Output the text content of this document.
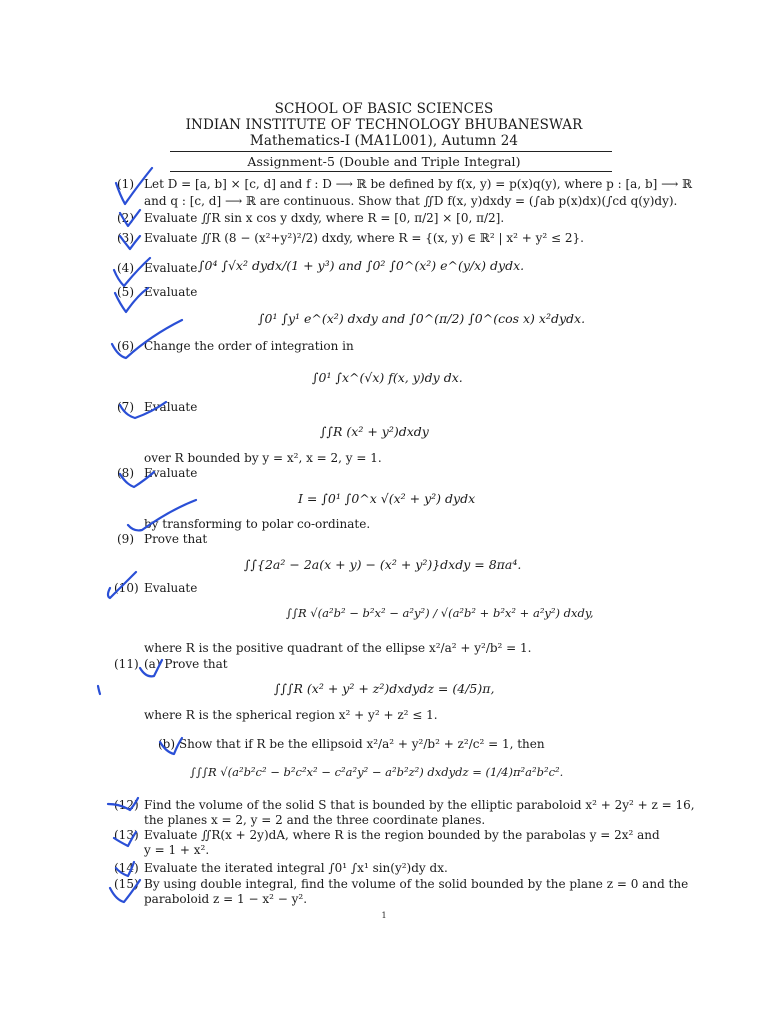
SCHOOL OF BASIC SCIENCES
INDIAN INSTITUTE OF TECHNOLOGY BHUBANESWAR
Mathematics-I (MA1L001), Autumn 24
Assignment-5 (Double and Triple Integral)
(1) Let D = [a, b] × [c, d] and f : D ⟶ ℝ be defined by f(x, y) = p(x)q(y), where p : [a, b] ⟶ ℝ
and q : [c, d] ⟶ ℝ are continuous. Show that ∬D f(x, y)dxdy = (∫ab p(x)dx)(∫cd q(y)dy).
(2) Evaluate ∬R sin x cos y dxdy, where R = [0, π/2] × [0, π/2].
(3) Evaluate ∬R (8 − (x²+y²)²/2) dxdy, where R = {(x, y) ∈ ℝ² | x² + y² ≤ 2}.
(4) Evaluate ∫0⁴ ∫√x² dydx/(1 + y³) and ∫0² ∫0^(x²) e^(y/x) dydx.
(5) Evaluate
∫0¹ ∫y¹ e^(x²) dxdy and ∫0^(π/2) ∫0^(cos x) x²dydx.
(6) Change the order of integration in
∫0¹ ∫x^(√x) f(x, y)dy dx.
(7) Evaluate
∫∫R (x² + y²)dxdy
over R bounded by y = x², x = 2, y = 1.
(8) Evaluate
I = ∫0¹ ∫0^x √(x² + y²) dydx
by transforming to polar co-ordinate.
(9) Prove that
∫∫{2a² − 2a(x + y) − (x² + y²)}dxdy = 8πa⁴.
(10) Evaluate
∫∫R √(a²b² − b²x² − a²y²) / √(a²b² + b²x² + a²y²) dxdy,
where R is the positive quadrant of the ellipse x²/a² + y²/b² = 1.
(11) (a) Prove that
∫∫∫R (x² + y² + z²)dxdydz = (4/5)π,
where R is the spherical region x² + y² + z² ≤ 1.
(b) Show that if R be the ellipsoid x²/a² + y²/b² + z²/c² = 1, then
∫∫∫R √(a²b²c² − b²c²x² − c²a²y² − a²b²z²) dxdydz = (1/4)π²a²b²c².
(12) Find the volume of the solid S that is bounded by the elliptic paraboloid x² + 2y² + z = 16,
the planes x = 2, y = 2 and the three coordinate planes.
(13) Evaluate ∬R(x + 2y)dA, where R is the region bounded by the parabolas y = 2x² and
y = 1 + x².
(14) Evaluate the iterated integral ∫0¹ ∫x¹ sin(y²)dy dx.
(15) By using double integral, find the volume of the solid bounded by the plane z = 0 and the
paraboloid z = 1 − x² − y².
1
